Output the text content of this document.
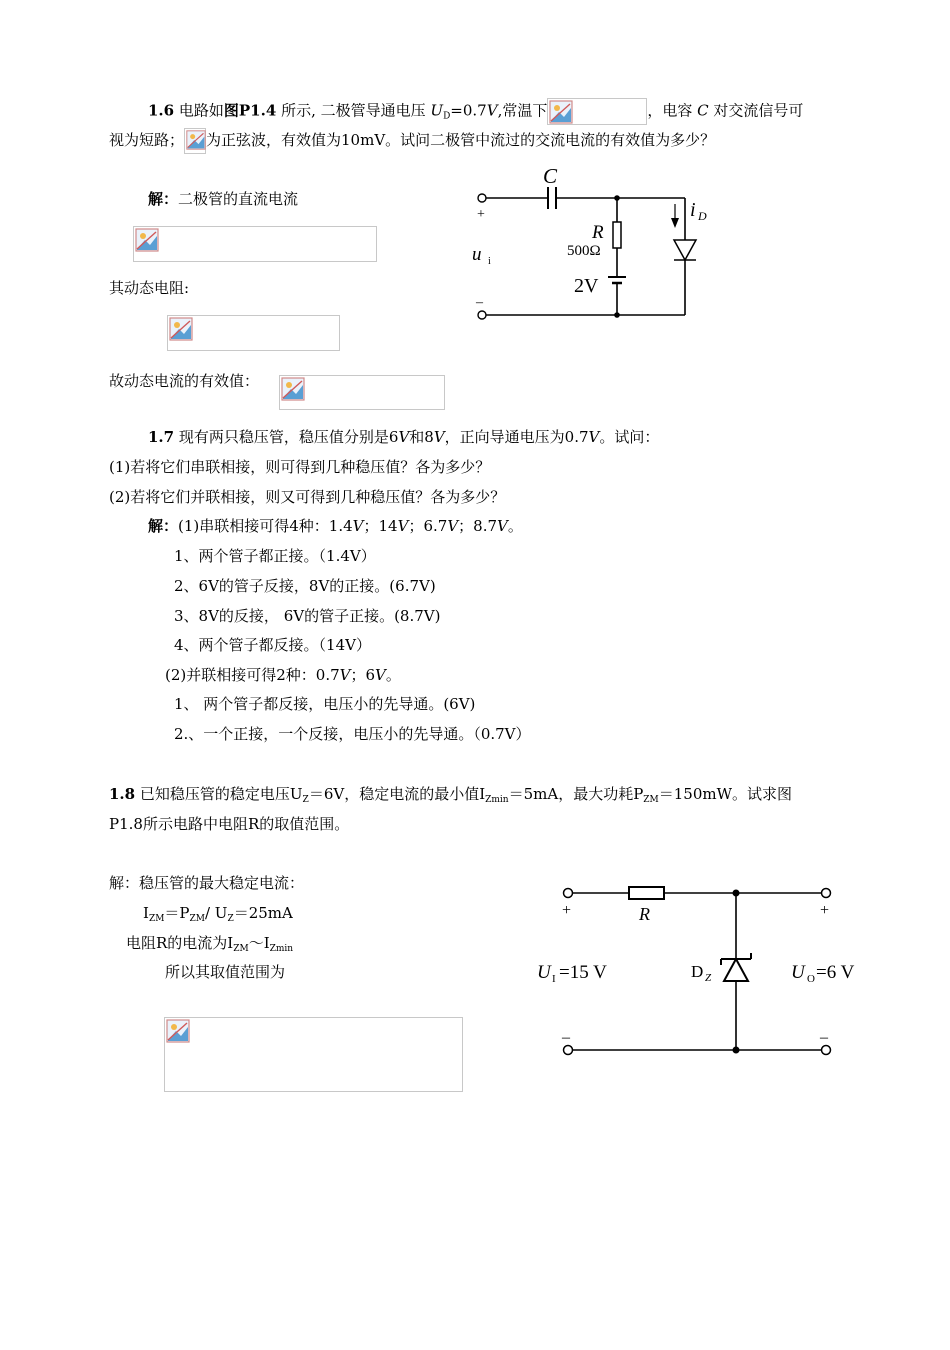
1.6 电路如图P1.4 所示, 二极管导通电压 $U_D=0.7V$,常温下	，电容 C 对交流信号可
视为短路； 为正弦波，有效值为10mV。试问二极管中流过的交流电流的有效值为多少？
解：二极管的直流电流
其动态电阻:
故动态电流的有效值：
C
+
u i
–
R
500Ω
2V
i D
1.7 现有两只稳压管，稳压值分别是6V和8V，正向导通电压为0.7V。试问：
(1)若将它们串联相接，则可得到几种稳压值？各为多少？
(2)若将它们并联相接，则又可得到几种稳压值？各为多少？
解：(1)串联相接可得4种：1.4V；14V；6.7V；8.7V。
1、两个管子都正接。（1.4V）
2、6V的管子反接，8V的正接。(6.7V)
3、8V的反接， 6V的管子正接。(8.7V)
4、两个管子都反接。（14V）
(2)并联相接可得2种：0.7V；6V。
1、 两个管子都反接，电压小的先导通。(6V)
2.、一个正接，一个反接，电压小的先导通。（0.7V）
1.8 已知稳压管的稳定电压$U_Z=6V$，稳定电流的最小值$I_{Zmin}=5mA$，最大功耗$P_{ZM}=150mW$。试求图
P1.8所示电路中电阻R的取值范围。
解：稳压管的最大稳定电流：
$I_{ZM}=P_{ZM}/$ $U_Z=25mA$
电阻R的电流为$I_{ZM}\sim I_{Zmin}$
所以其取值范围为
+	+
–	–
R
U I =15 V	D Z	U O =6 V
